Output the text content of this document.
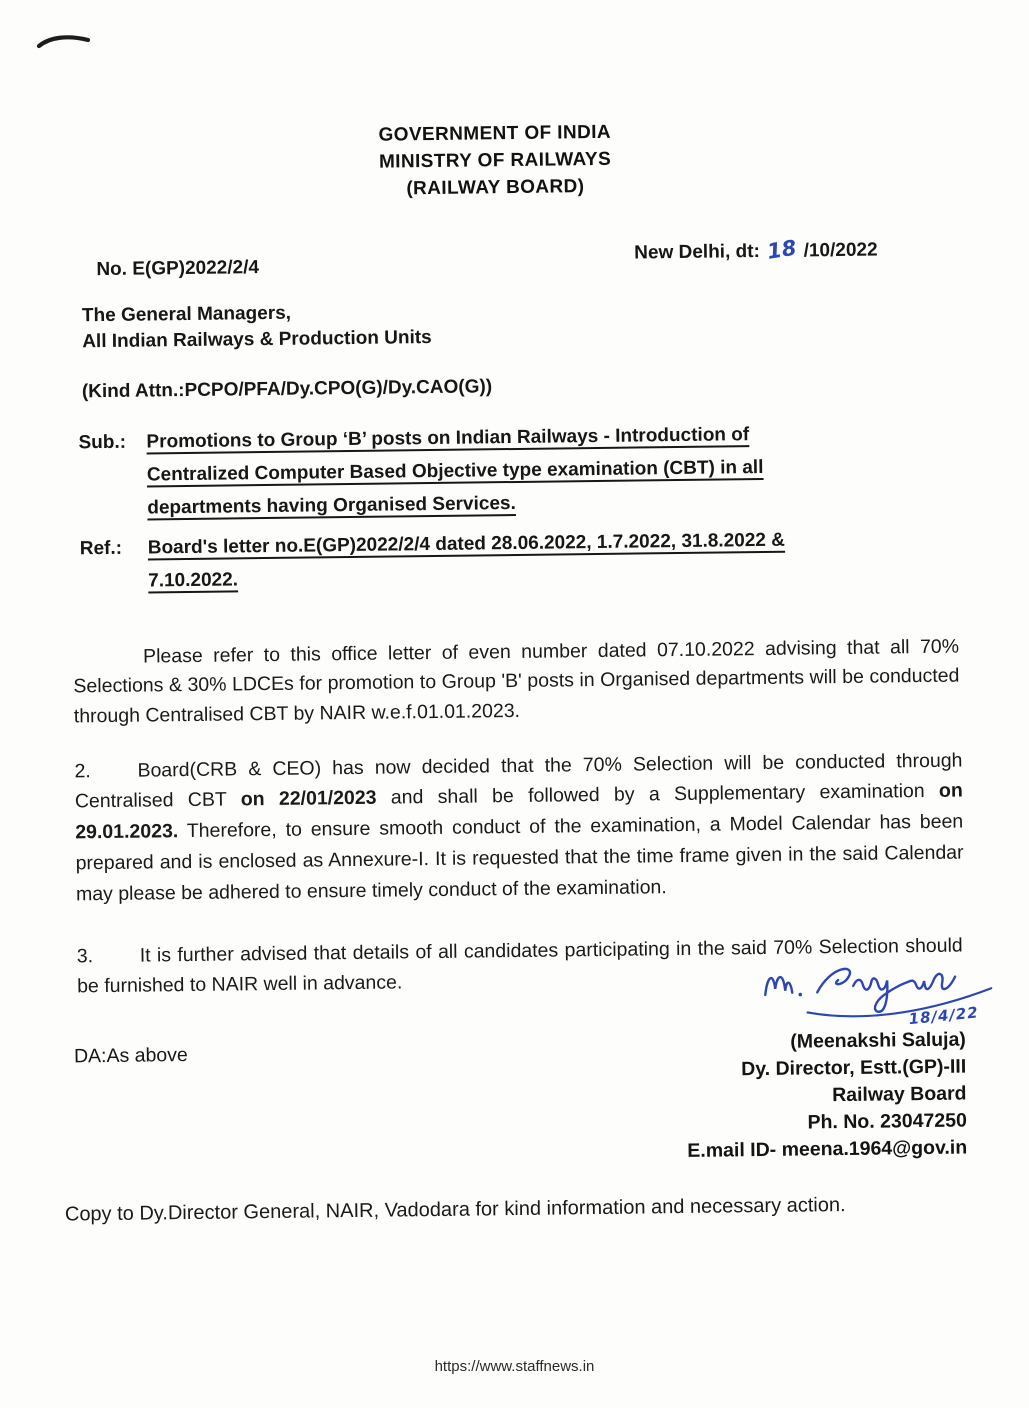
GOVERNMENT OF INDIA
MINISTRY OF RAILWAYS
(RAILWAY BOARD)
No. E(GP)2022/2/4
New Delhi, dt: 18 /10/2022
The General Managers,
All Indian Railways & Production Units
(Kind Attn.:PCPO/PFA/Dy.CPO(G)/Dy.CAO(G))
Sub.:	Promotions to Group ‘B’ posts on Indian Railways - Introduction of
Centralized Computer Based Objective type examination (CBT) in all
departments having Organised Services.
Ref.:	Board's letter no.E(GP)2022/2/4 dated 28.06.2022, 1.7.2022, 31.8.2022 &
7.10.2022.

Please refer to this office letter of even number dated 07.10.2022 advising that all 70% Selections & 30% LDCEs for promotion to Group 'B' posts in Organised departments will be conducted through Centralised CBT by NAIR w.e.f.01.01.2023.

2. Board(CRB & CEO) has now decided that the 70% Selection will be conducted through Centralised CBT on 22/01/2023 and shall be followed by a Supplementary examination on 29.01.2023. Therefore, to ensure smooth conduct of the examination, a Model Calendar has been prepared and is enclosed as Annexure-I. It is requested that the time frame given in the said Calendar may please be adhered to ensure timely conduct of the examination.

3. It is further advised that details of all candidates participating in the said 70% Selection should be furnished to NAIR well in advance.

18/4/22
(Meenakshi Saluja)
Dy. Director, Estt.(GP)-III
Railway Board
Ph. No. 23047250
E.mail ID- meena.1964@gov.in
DA:As above
Copy to Dy.Director General, NAIR, Vadodara for kind information and necessary action.
https://www.staffnews.in
